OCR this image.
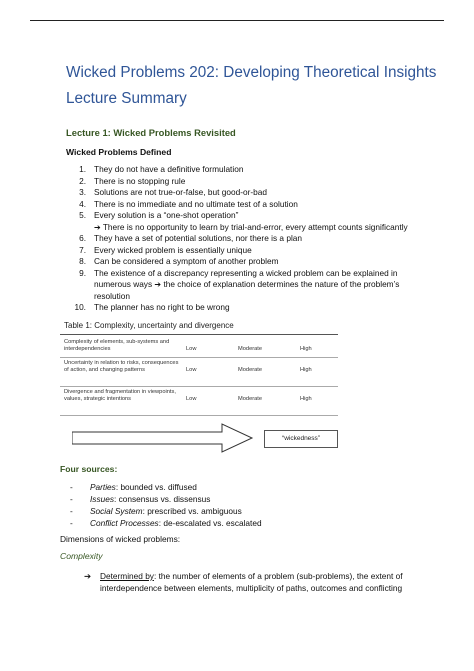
Wicked Problems 202: Developing Theoretical Insights
Lecture Summary
Lecture 1: Wicked Problems Revisited
Wicked Problems Defined
1. They do not have a definitive formulation
2. There is no stopping rule
3. Solutions are not true-or-false, but good-or-bad
4. There is no immediate and no ultimate test of a solution
5. Every solution is a “one-shot operation”
➔ There is no opportunity to learn by trial-and-error, every attempt counts significantly
6. They have a set of potential solutions, nor there is a plan
7. Every wicked problem is essentially unique
8. Can be considered a symptom of another problem
9. The existence of a discrepancy representing a wicked problem can be explained in numerous ways ➔ the choice of explanation determines the nature of the problem’s resolution
10. The planner has no right to be wrong
Table 1: Complexity, uncertainty and divergence
Complexity of elements, sub-systems and interdependencies	Low	Moderate	High
Uncertainty in relation to risks, consequences of action, and changing patterns	Low	Moderate	High
Divergence and fragmentation in viewpoints, values, strategic intentions	Low	Moderate	High
“wickedness”
Four sources:
-	Parties: bounded vs. diffused
-	Issues: consensus vs. dissensus
-	Social System: prescribed vs. ambiguous
-	Conflict Processes: de-escalated vs. escalated
Dimensions of wicked problems:
Complexity
➔ Determined by: the number of elements of a problem (sub-problems), the extent of interdependence between elements, multiplicity of paths, outcomes and conflicting
